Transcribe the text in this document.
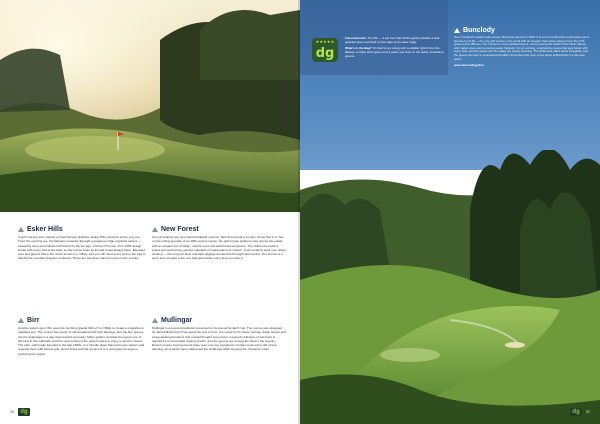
Esker Hills
Esker Hills

If golf courses were ranked on their fairway sidebars, Esker Hills would be at the very top. From the opening tee, the fairways meander through a gorgeous ridge of glacial eskers — sweeping rises and hollows left behind by the ice age. Christy O'Connor Jnr's 1996 design works with every fold of the land, so the course feels as though it was always there. Elevated tees and greens frame the views across Co. Offaly, and you will need every club in the bag to handle the constant changes of stance. There are few finer inland courses in the country.

Birr

Another eskers gem, Birr uses the rambling glacial hills of Co. Offaly to create a magnificent parkland test. The course has plenty of old woodland and lush fairways, and the fine greens dot the landscape in a way that rewards accuracy. Many golfers consider the layout one of the best in the midlands, and the rural setting is the perfect place to enjoy a round in peace. The club, which was founded in the late 1800s, is a friendly place that welcomes visitors and rewards them with honest golf, clever holes and fair greens. It is a must-play for anyone exploring the region.

New Forest

One of Ireland's top new inland parkland courses, New Forest has a country house feel to it. Set on the rolling grounds of an 18th-century manor, the golf course winds its way across the estate with an elegant mix of water, mature trees and well-bunkered greens. The clubhouse itself is grand and welcoming, and the standard of maintenance is superb. You'll certainly want your driver working — the long par-fives and tight doglegs demand both length and control. The course is a stern test, but also a fun one that gets better every time you play it.

Mullingar

Mullingar is a revered parkland renowned for its annual Scratch Cup. The course was designed by James Braid and it has stood the test of time. It is noted for its clever routing, subtle slopes and well-positioned bunkers that reward thought over power. A superb collection of par-fours is capped by a memorable closing stretch, and the greens are among the best in the country. Recent course improvements have seen new tee complexes, bunker work and a raft of tree planting, all of which have sharpened the challenge while keeping the character intact.

36	dg
★★★★★
dg

Favourite Hole: The 5th — a par four that climbs gently towards a well-guarded green perched on the edge of an esker ridge.

What's in the Bag? It's hard to go wrong with a reliable hybrid from the fairway, a sharp short game and a putter you trust on the quick, undulating greens.

Bunclody

One of Ireland's newest golf courses, Bunclody opened in 2009. It is set in the Wexford countryside and is famous for its lift — the only golf course in the world with an elevator that carries players from the 17th green to the 18th tee. The course is a true parkland layout, running along the banks of the River Slaney, with mature trees and numerous water hazards. It is an exciting, entertaining course that gets better with every hole, and the views over the valley are simply stunning. The clubhouse offers warm hospitality, and the greens are kept in exceptional condition throughout the year. A day spent at Bunclody is a day well spent.

www.bunclodygolf.ie
dg	37
